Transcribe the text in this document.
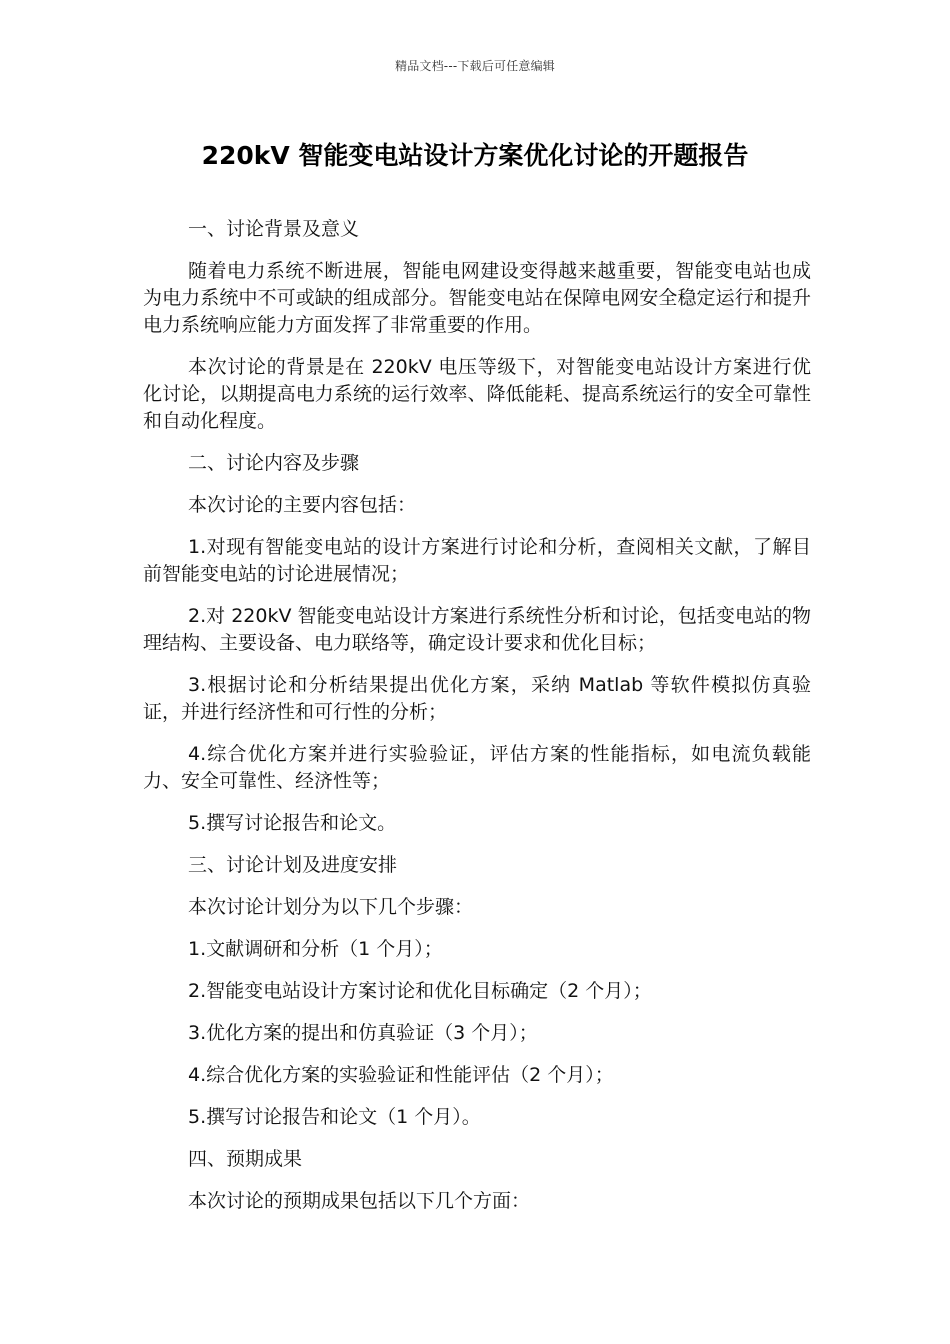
精品文档---下载后可任意编辑
220kV 智能变电站设计方案优化讨论的开题报告

一、讨论背景及意义

随着电力系统不断进展，智能电网建设变得越来越重要，智能变电站也成为电力系统中不可或缺的组成部分。智能变电站在保障电网安全稳定运行和提升电力系统响应能力方面发挥了非常重要的作用。

本次讨论的背景是在 220kV 电压等级下，对智能变电站设计方案进行优化讨论，以期提高电力系统的运行效率、降低能耗、提高系统运行的安全可靠性和自动化程度。

二、讨论内容及步骤

本次讨论的主要内容包括：

1.对现有智能变电站的设计方案进行讨论和分析，查阅相关文献，了解目前智能变电站的讨论进展情况；

2.对 220kV 智能变电站设计方案进行系统性分析和讨论，包括变电站的物理结构、主要设备、电力联络等，确定设计要求和优化目标；

3.根据讨论和分析结果提出优化方案，采纳 Matlab 等软件模拟仿真验证，并进行经济性和可行性的分析；

4.综合优化方案并进行实验验证，评估方案的性能指标，如电流负载能力、安全可靠性、经济性等；

5.撰写讨论报告和论文。

三、讨论计划及进度安排

本次讨论计划分为以下几个步骤：

1.文献调研和分析（1 个月）；

2.智能变电站设计方案讨论和优化目标确定（2 个月）；

3.优化方案的提出和仿真验证（3 个月）；

4.综合优化方案的实验验证和性能评估（2 个月）；

5.撰写讨论报告和论文（1 个月）。

四、预期成果

本次讨论的预期成果包括以下几个方面：
